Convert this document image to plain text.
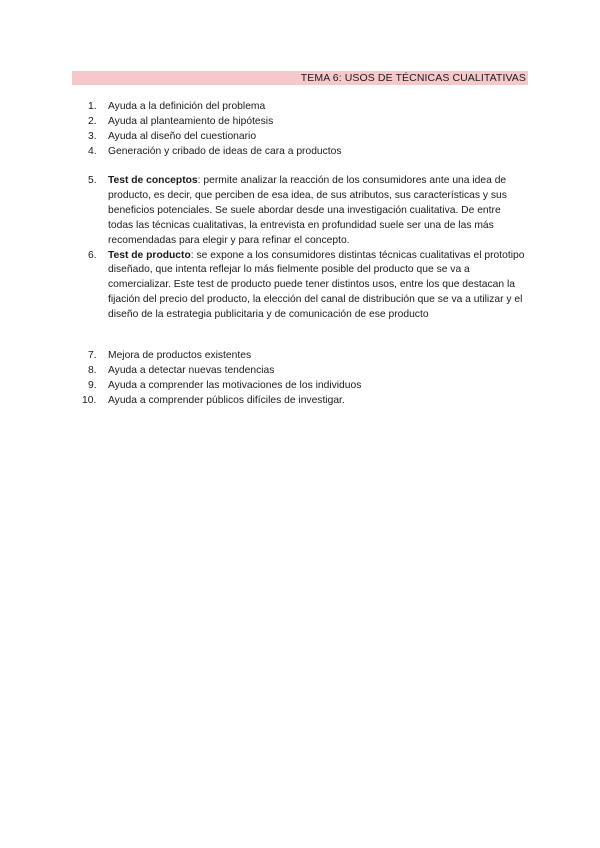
TEMA 6: USOS DE TÉCNICAS CUALITATIVAS
1.	Ayuda a la definición del problema
2.	Ayuda al planteamiento de hipótesis
3.	Ayuda al diseño del cuestionario
4.	Generación y cribado de ideas de cara a productos
5.	Test de conceptos: permite analizar la reacción de los consumidores ante una idea de producto, es decir, que perciben de esa idea, de sus atributos, sus características y sus beneficios potenciales. Se suele abordar desde una investigación cualitativa. De entre todas las técnicas cualitativas, la entrevista en profundidad suele ser una de las más recomendadas para elegir y para refinar el concepto.
6.	Test de producto: se expone a los consumidores distintas técnicas cualitativas el prototipo diseñado, que intenta reflejar lo más fielmente posible del producto que se va a comercializar. Este test de producto puede tener distintos usos, entre los que destacan la fijación del precio del producto, la elección del canal de distribución que se va a utilizar y el diseño de la estrategia publicitaria y de comunicación de ese producto
7.	Mejora de productos existentes
8.	Ayuda a detectar nuevas tendencias
9.	Ayuda a comprender las motivaciones de los individuos
10. Ayuda a comprender públicos difíciles de investigar.
